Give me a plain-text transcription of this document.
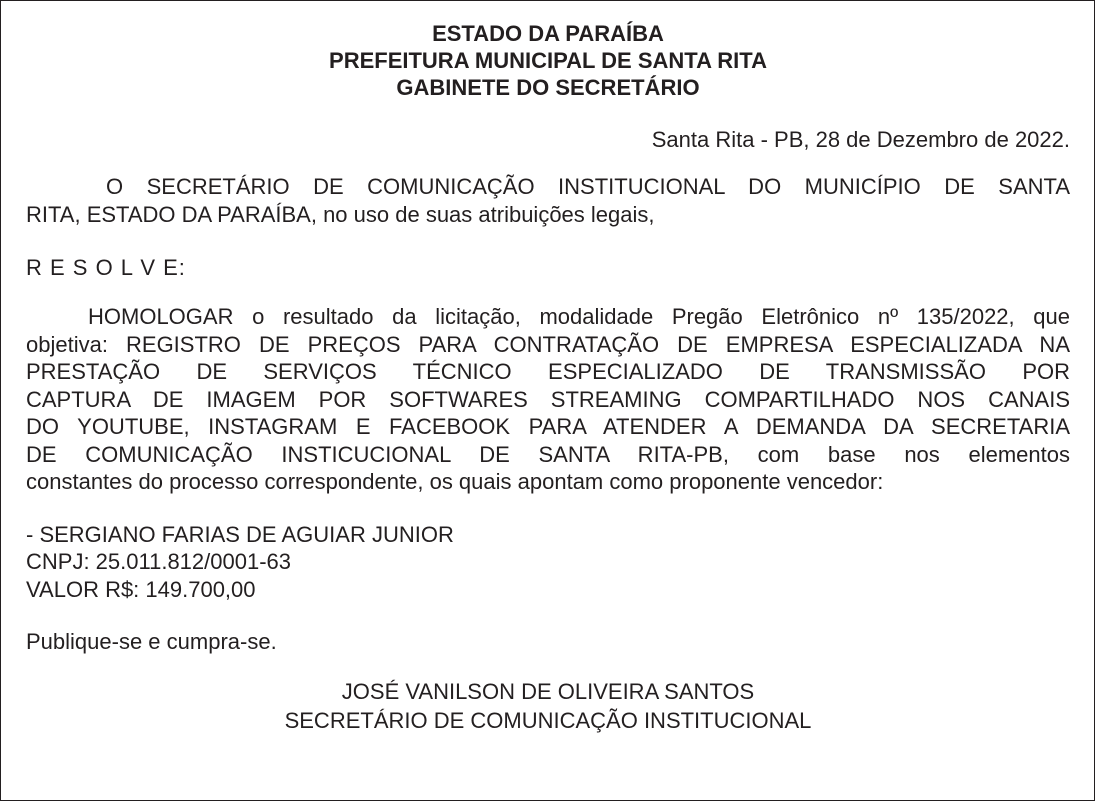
ESTADO DA PARAÍBA
PREFEITURA MUNICIPAL DE SANTA RITA
GABINETE DO SECRETÁRIO
Santa Rita - PB, 28 de Dezembro de 2022.
O SECRETÁRIO DE COMUNICAÇÃO INSTITUCIONAL DO MUNICÍPIO DE SANTA
RITA, ESTADO DA PARAÍBA, no uso de suas atribuições legais,
R E S O L V E:
HOMOLOGAR o resultado da licitação, modalidade Pregão Eletrônico nº 135/2022, que
objetiva: REGISTRO DE PREÇOS PARA CONTRATAÇÃO DE EMPRESA ESPECIALIZADA NA
PRESTAÇÃO DE SERVIÇOS TÉCNICO ESPECIALIZADO DE TRANSMISSÃO POR
CAPTURA DE IMAGEM POR SOFTWARES STREAMING COMPARTILHADO NOS CANAIS
DO YOUTUBE, INSTAGRAM E FACEBOOK PARA ATENDER A DEMANDA DA SECRETARIA
DE COMUNICAÇÃO INSTICUCIONAL DE SANTA RITA-PB, com base nos elementos
constantes do processo correspondente, os quais apontam como proponente vencedor:
- SERGIANO FARIAS DE AGUIAR JUNIOR
CNPJ: 25.011.812/0001-63
VALOR R$: 149.700,00
Publique-se e cumpra-se.
JOSÉ VANILSON DE OLIVEIRA SANTOS
SECRETÁRIO DE COMUNICAÇÃO INSTITUCIONAL
